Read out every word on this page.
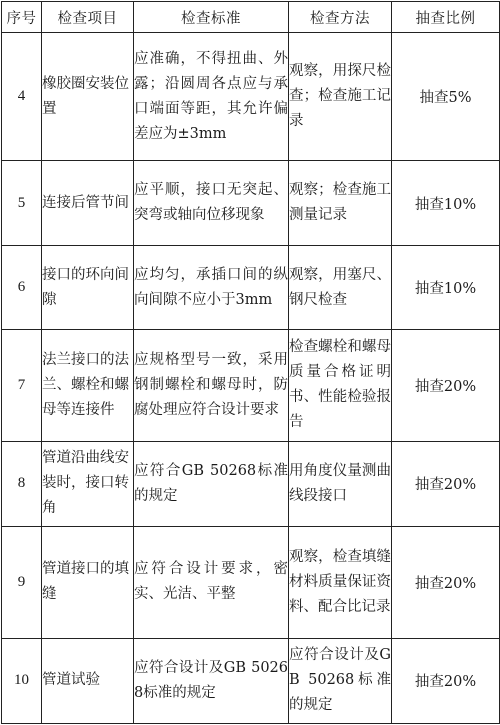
序号	检查项目	检查标准	检查方法	抽查比例
4	橡胶圈安装位置	应准确，不得扭曲、外露；沿圆周各点应与承口端面等距，其允许偏差应为±3mm	观察，用探尺检查；检查施工记录	抽查5%
5	连接后管节间	应平顺，接口无突起、突弯或轴向位移现象	观察；检查施工测量记录	抽查10%
6	接口的环向间隙	应均匀，承插口间的纵向间隙不应小于3mm	观察，用塞尺、钢尺检查	抽查10%
7	法兰接口的法兰、螺栓和螺母等连接件	应规格型号一致，采用钢制螺栓和螺母时，防腐处理应符合设计要求	检查螺栓和螺母质量合格证明书、性能检验报告	抽查20%
8	管道沿曲线安装时，接口转角	应符合GB 50268标准的规定	用角度仪量测曲线段接口	抽查20%
9	管道接口的填缝	应符合设计要求，密实、光洁、平整	观察，检查填缝材料质量保证资料、配合比记录	抽查20%
10	管道试验	应符合设计及GB 50268标准的规定	应符合设计及GB 50268标准的规定	抽查20%
